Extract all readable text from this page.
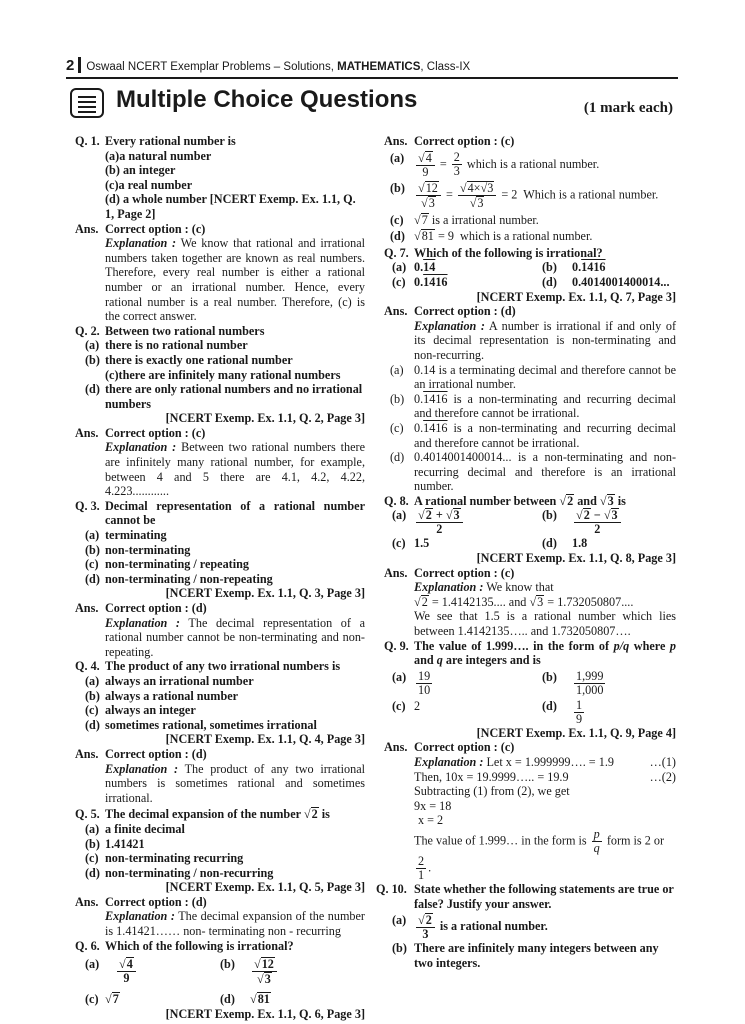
2 Oswaal NCERT Exemplar Problems – Solutions, MATHEMATICS, Class-IX
Multiple Choice Questions	(1 mark each)
Q. 1. Every rational number is
(a)a natural number
(b) an integer
(c)a real number
(d) a whole number [NCERT Exemp. Ex. 1.1, Q. 1, Page 2]
Ans. Correct option : (c)
Explanation : We know that rational and irrational numbers taken together are known as real numbers. Therefore, every real number is either a rational number or an irrational number. Hence, every rational number is a real number. Therefore, (c) is the correct answer.
Q. 2. Between two rational numbers
(a) there is no rational number
(b) there is exactly one rational number
(c)there are infinitely many rational numbers
(d) there are only rational numbers and no irrational numbers
[NCERT Exemp. Ex. 1.1, Q. 2, Page 3]
Ans. Correct option : (c)
Explanation : Between two rational numbers there are infinitely many rational number, for example, between 4 and 5 there are 4.1, 4.2, 4.22, 4.223............
Q. 3. Decimal representation of a rational number cannot be
(a) terminating
(b) non-terminating
(c) non-terminating / repeating
(d) non-terminating / non-repeating
[NCERT Exemp. Ex. 1.1, Q. 3, Page 3]
Ans. Correct option : (d)
Explanation : The decimal representation of a rational number cannot be non-terminating and non-repeating.
Q. 4. The product of any two irrational numbers is
(a) always an irrational number
(b) always a rational number
(c) always an integer
(d) sometimes rational, sometimes irrational
[NCERT Exemp. Ex. 1.1, Q. 4, Page 3]
Ans. Correct option : (d)
Explanation : The product of any two irrational numbers is sometimes rational and sometimes irrational.
Q. 5. The decimal expansion of the number √2 is
(a) a finite decimal
(b) 1.41421
(c) non-terminating recurring
(d) non-terminating / non-recurring
[NCERT Exemp. Ex. 1.1, Q. 5, Page 3]
Ans. Correct option : (d)
Explanation : The decimal expansion of the number is 1.41421…… non- terminating non - recurring
Q. 6. Which of the following is irrational?
(a)	$\frac{√4}{9}$	(b)	$\frac{√12}{√3}$
(c) √7	(d)	√81
[NCERT Exemp. Ex. 1.1, Q. 6, Page 3]
Ans. Correct option : (c)
$(a) \frac{√4}{9} = \frac{2}{3}$ which is a rational number.
$(b) \frac{√12}{√3} = \frac{√4\times√3}{√3} = 2$ Which is a rational number.
(c) √7 is a irrational number.
(d) √81 = 9 which is a rational number.
Q. 7. Which of the following is irrational?
(a) 0.14	(b)	0.1416
(c) 0.1416	(d)	0.4014001400014...
[NCERT Exemp. Ex. 1.1, Q. 7, Page 3]
Ans. Correct option : (d)
Explanation : A number is irrational if and only of its decimal representation is non-terminating and non-recurring.
(a) 0.14 is a terminating decimal and therefore cannot be an irrational number.
(b) 0.1416 is a non-terminating and recurring decimal and therefore cannot be irrational.
(c) 0.1416 is a non-terminating and recurring decimal and therefore cannot be irrational.
(d) 0.4014001400014... is a non-terminating and non-recurring decimal and therefore is an irrational number.
Q. 8. A rational number between √2 and √3 is
$(a) \frac{√2 + √3}{2}$	(b)	$\frac{√2 - √3}{2}$
(c) 1.5	(d)	1.8
[NCERT Exemp. Ex. 1.1, Q. 8, Page 3]
Ans. Correct option : (c)
Explanation : We know that
√2 = 1.4142135.... and √3 = 1.732050807....
We see that 1.5 is a rational number which lies between 1.4142135….. and 1.732050807….
Q. 9. The value of 1.999…. in the form of p/q where p and q are integers and is
$(a) \frac{19}{10}$	(b)	$\frac{1,999}{1,000}$
(c) 2	(d)	$\frac{1}{9}$
[NCERT Exemp. Ex. 1.1, Q. 9, Page 4]
Ans. Correct option : (c)
Explanation : Let x = 1.999999…. = 1.9	…(1)
Then, 10x = 19.9999….. = 19.9	…(2)
Subtracting (1) from (2), we get
9x = 18
x = 2
The value of 1.999… in the form is $\frac{p}{q}$ form is 2 or
$\frac{2}{1}$ .
Q. 10. State whether the following statements are true or false? Justify your answer.
$(a) \frac{√2}{3}$ is a rational number.
(b) There are infinitely many integers between any two integers.
